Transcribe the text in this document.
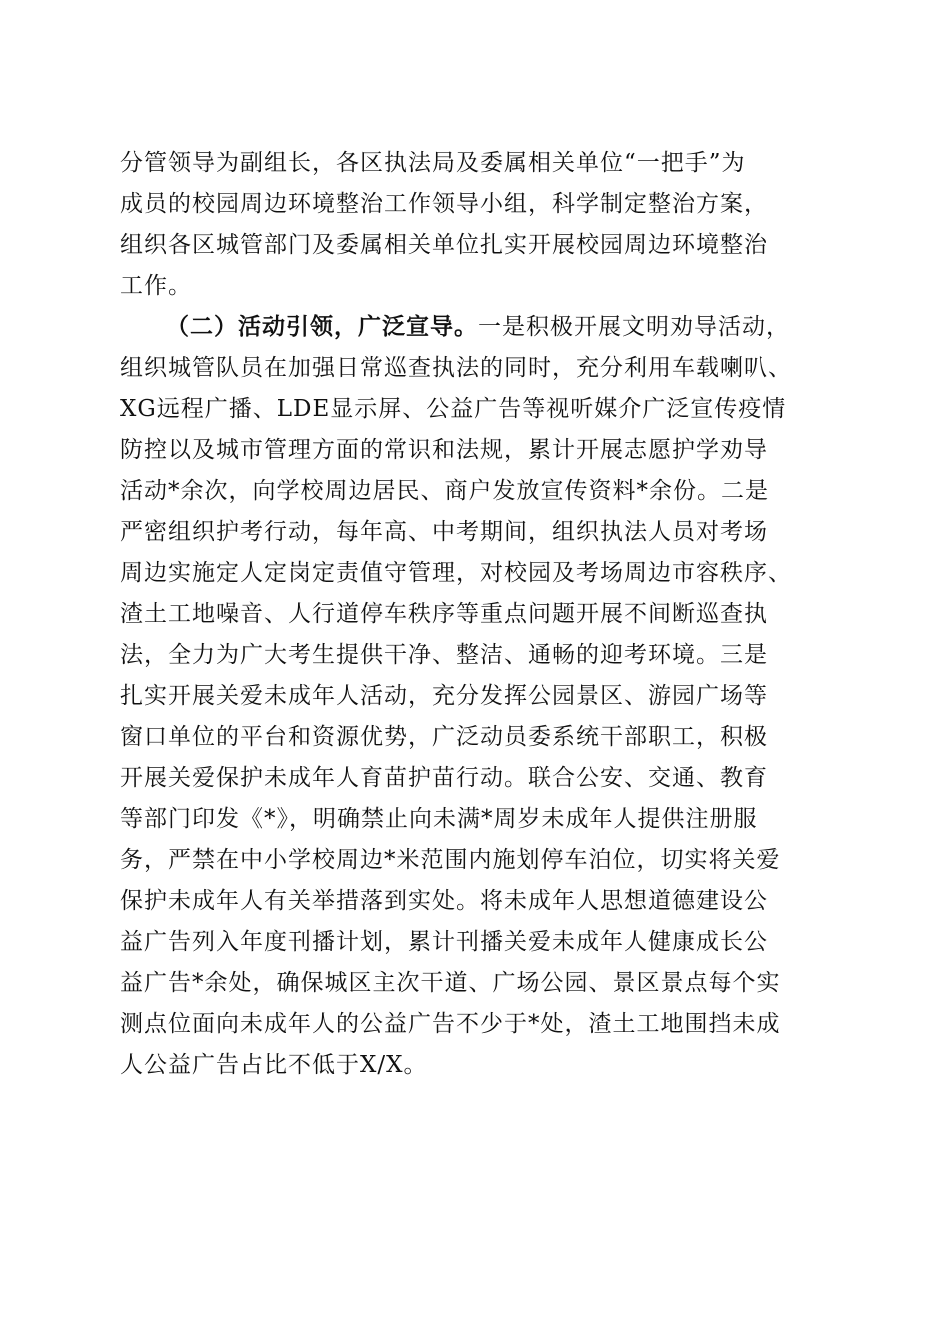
分管领导为副组长，各区执法局及委属相关单位“一把手”为
成员的校园周边环境整治工作领导小组，科学制定整治方案，
组织各区城管部门及委属相关单位扎实开展校园周边环境整治
工作。
（二）活动引领，广泛宣导。一是积极开展文明劝导活动，
组织城管队员在加强日常巡查执法的同时，充分利用车载喇叭、
XG远程广播、LDE显示屏、公益广告等视听媒介广泛宣传疫情
防控以及城市管理方面的常识和法规，累计开展志愿护学劝导
活动*余次，向学校周边居民、商户发放宣传资料*余份。二是
严密组织护考行动，每年高、中考期间，组织执法人员对考场
周边实施定人定岗定责值守管理，对校园及考场周边市容秩序、
渣土工地噪音、人行道停车秩序等重点问题开展不间断巡查执
法，全力为广大考生提供干净、整洁、通畅的迎考环境。三是
扎实开展关爱未成年人活动，充分发挥公园景区、游园广场等
窗口单位的平台和资源优势，广泛动员委系统干部职工，积极
开展关爱保护未成年人育苗护苗行动。联合公安、交通、教育
等部门印发《*》，明确禁止向未满*周岁未成年人提供注册服
务，严禁在中小学校周边*米范围内施划停车泊位，切实将关爱
保护未成年人有关举措落到实处。将未成年人思想道德建设公
益广告列入年度刊播计划，累计刊播关爱未成年人健康成长公
益广告*余处，确保城区主次干道、广场公园、景区景点每个实
测点位面向未成年人的公益广告不少于*处，渣土工地围挡未成
人公益广告占比不低于X/X。
